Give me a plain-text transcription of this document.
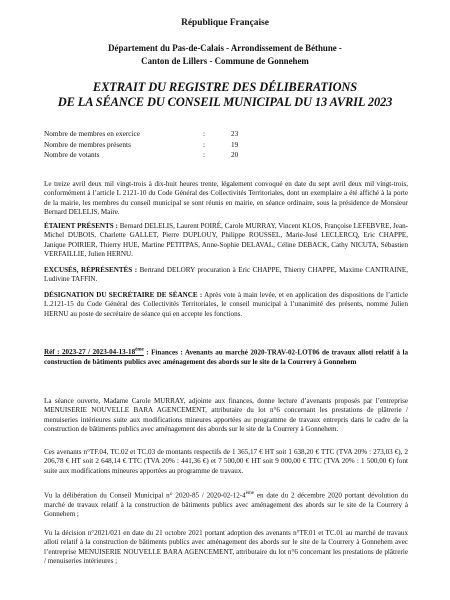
République Française
Département du Pas-de-Calais - Arrondissement de Béthune -
Canton de Lillers - Commune de Gonnehem
EXTRAIT DU REGISTRE DES DÉLIBERATIONS
DE LA SÉANCE DU CONSEIL MUNICIPAL DU 13 AVRIL 2023
Nombre de membres en exercice	:	23
Nombre de membres présents	:	19
Nombre de votants	:	20

Le treize avril deux mil vingt-trois à dix-huit heures trente, légalement convoqué en date du sept avril deux mil vingt-trois, conformément à l’article L 2121-10 du Code Général des Collectivités Territoriales, dont un exemplaire a été affiché à la porte de la mairie, les membres du conseil municipal se sont réunis en mairie, en séance ordinaire, sous la présidence de Monsieur Bernard DELELIS, Maire.

ÉTAIENT PRÉSENTS : Bernard DELELIS, Laurent POIRÉ, Carole MURRAY, Vincent KLOS, Françoise LEFEBVRE, Jean-Michel DUBOIS, Charlette GALLET, Pierre DUPLOUY, Philippe ROUSSEL, Marie-José LECLERCQ, Eric CHAPPE, Janique POIRIER, Thierry HUE, Martine PETITPAS, Anne-Sophie DELAVAL, Céline DEBACK, Cathy NICUTA, Sébastien VERFAILLIE, Julien HERNU.

EXCUSÉS, RÉPRÉSENTÉS : Bertrand DELORY procuration à Eric CHAPPE, Thierry CHAPPE, Maxime CANTRAINE, Ludivine TAFFIN.

DÉSIGNATION DU SECRÉTAIRE DE SÉANCE : Après vote à main levée, et en application des dispositions de l’article L.2121-15 du Code Général des Collectivités Territoriales, le conseil municipal à l’unanimité des présents, nomme Julien HERNU au poste de secrétaire de séance qui en accepte les fonctions.

Réf : 2023-27 / 2023-04-13-18ème : Finances : Avenants au marché 2020-TRAV-02-LOT06 de travaux alloti relatif à la construction de bâtiments publics avec aménagement des abords sur le site de la Courrery à Gonnehem

La séance ouverte, Madame Carole MURRAY, adjointe aux finances, donne lecture d’avenants proposés par l’entreprise MENUISERIE NOUVELLE BARA AGENCEMENT, attributaire du lot n°6 concernant les prestations de plâtrerie / menuiseries intérieures suite aux modifications mineures apportées au programme de travaux entrepris dans le cadre de la construction de bâtiments publics avec aménagement des abords sur le site de la Courrery à Gonnehem.

Ces avenants n°TF.04, TC.02 et TC.03 de montants respectifs de 1 365,17 € HT soit 1 638,20 € TTC (TVA 20% : 273,03 €), 2 206,78 € HT soit 2 648,14 € TTC (TVA 20% : 441,36 €) et 7 500,00 € HT soit 9 000,00 € TTC (TVA 20% : 1 500,00 €) font suite aux modifications mineures apportées au programme de travaux.

Vu la délibération du Conseil Municipal n° 2020-85 / 2020-02-12-4ème en date du 2 décembre 2020 portant dévolution du marché de travaux relatif à la construction de bâtiments publics avec aménagement des abords sur le site de la Courrery à Gonnehem ;

Vu la décision n°2021/021 en date du 21 octobre 2021 portant adoption des avenants n°TF.01 et TC.01 au marché de travaux alloti relatif à la construction de bâtiments publics avec aménagement des abords sur le site de la Courrery à Gonnehem avec l’entreprise MENUISERIE NOUVELLE BARA AGENCEMENT, attributaire du lot n°6 concernant les prestations de plâtrerie / menuiseries intérieures ;
